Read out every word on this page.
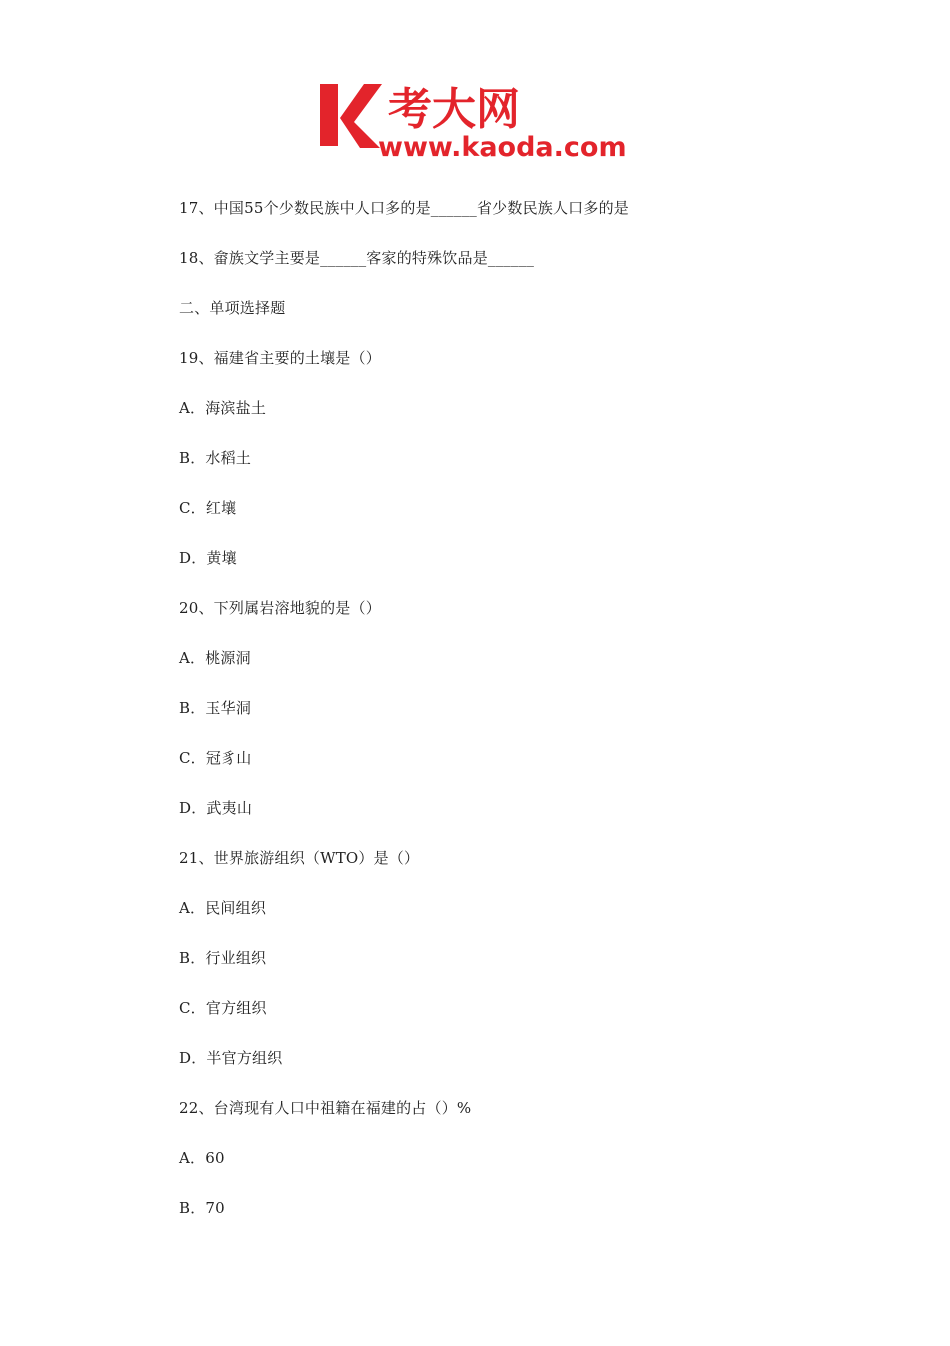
考大网
www.kaoda.com
17、中国55个少数民族中人口多的是______省少数民族人口多的是
18、畲族文学主要是______客家的特殊饮品是______
二、单项选择题
19、福建省主要的土壤是（）
A．海滨盐土
B．水稻土
C．红壤
D．黄壤
20、下列属岩溶地貌的是（）
A．桃源洞
B．玉华洞
C．冠豸山
D．武夷山
21、世界旅游组织（WTO）是（）
A．民间组织
B．行业组织
C．官方组织
D．半官方组织
22、台湾现有人口中祖籍在福建的占（）%
A．60
B．70
